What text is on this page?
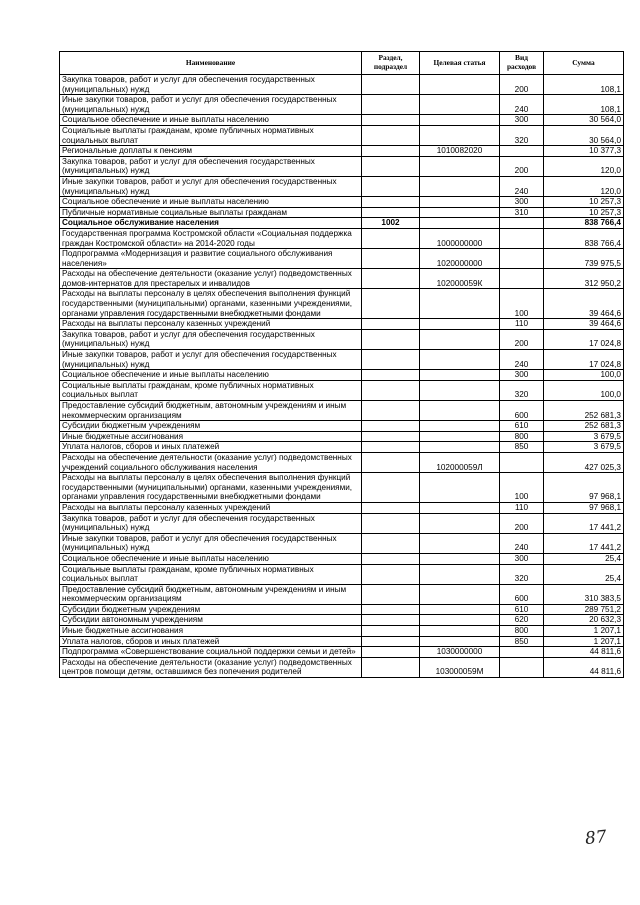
Наименование	Раздел, подраздел	Целевая статья	Вид расходов	Сумма
Закупка товаров, работ и услуг для обеспечения государственных (муниципальных) нужд			200	108,1
Иные закупки товаров, работ и услуг для обеспечения государственных (муниципальных) нужд			240	108,1
Социальное обеспечение и иные выплаты населению			300	30 564,0
Социальные выплаты гражданам, кроме публичных нормативных социальных выплат			320	30 564,0
Региональные доплаты к пенсиям		1010082020		10 377,3
Закупка товаров, работ и услуг для обеспечения государственных (муниципальных) нужд			200	120,0
Иные закупки товаров, работ и услуг для обеспечения государственных (муниципальных) нужд			240	120,0
Социальное обеспечение и иные выплаты населению			300	10 257,3
Публичные нормативные социальные выплаты гражданам			310	10 257,3
Социальное обслуживание населения	1002			838 766,4
Государственная программа Костромской области «Социальная поддержка граждан Костромской области» на 2014-2020 годы		1000000000		838 766,4
Подпрограмма «Модернизация и развитие социального обслуживания населения»		1020000000		739 975,5
Расходы на обеспечение деятельности (оказание услуг) подведомственных домов-интернатов для престарелых и инвалидов		102000059К		312 950,2
Расходы на выплаты персоналу в целях обеспечения выполнения функций государственными (муниципальными) органами, казенными учреждениями, органами управления государственными внебюджетными фондами			100	39 464,6
Расходы на выплаты персоналу казенных учреждений			110	39 464,6
Закупка товаров, работ и услуг для обеспечения государственных (муниципальных) нужд			200	17 024,8
Иные закупки товаров, работ и услуг для обеспечения государственных (муниципальных) нужд			240	17 024,8
Социальное обеспечение и иные выплаты населению			300	100,0
Социальные выплаты гражданам, кроме публичных нормативных социальных выплат			320	100,0
Предоставление субсидий бюджетным, автономным учреждениям и иным некоммерческим организациям			600	252 681,3
Субсидии бюджетным учреждениям			610	252 681,3
Иные бюджетные ассигнования			800	3 679,5
Уплата налогов, сборов и иных платежей			850	3 679,5
Расходы на обеспечение деятельности (оказание услуг) подведомственных учреждений социального обслуживания населения		102000059Л		427 025,3
Расходы на выплаты персоналу в целях обеспечения выполнения функций государственными (муниципальными) органами, казенными учреждениями, органами управления государственными внебюджетными фондами			100	97 968,1
Расходы на выплаты персоналу казенных учреждений			110	97 968,1
Закупка товаров, работ и услуг для обеспечения государственных (муниципальных) нужд			200	17 441,2
Иные закупки товаров, работ и услуг для обеспечения государственных (муниципальных) нужд			240	17 441,2
Социальное обеспечение и иные выплаты населению			300	25,4
Социальные выплаты гражданам, кроме публичных нормативных социальных выплат			320	25,4
Предоставление субсидий бюджетным, автономным учреждениям и иным некоммерческим организациям			600	310 383,5
Субсидии бюджетным учреждениям			610	289 751,2
Субсидии автономным учреждениям			620	20 632,3
Иные бюджетные ассигнования			800	1 207,1
Уплата налогов, сборов и иных платежей			850	1 207,1
Подпрограмма «Совершенствование социальной поддержки семьи и детей»		1030000000		44 811,6
Расходы на обеспечение деятельности (оказание услуг) подведомственных центров помощи детям, оставшимся без попечения родителей		103000059М		44 811,6
87
